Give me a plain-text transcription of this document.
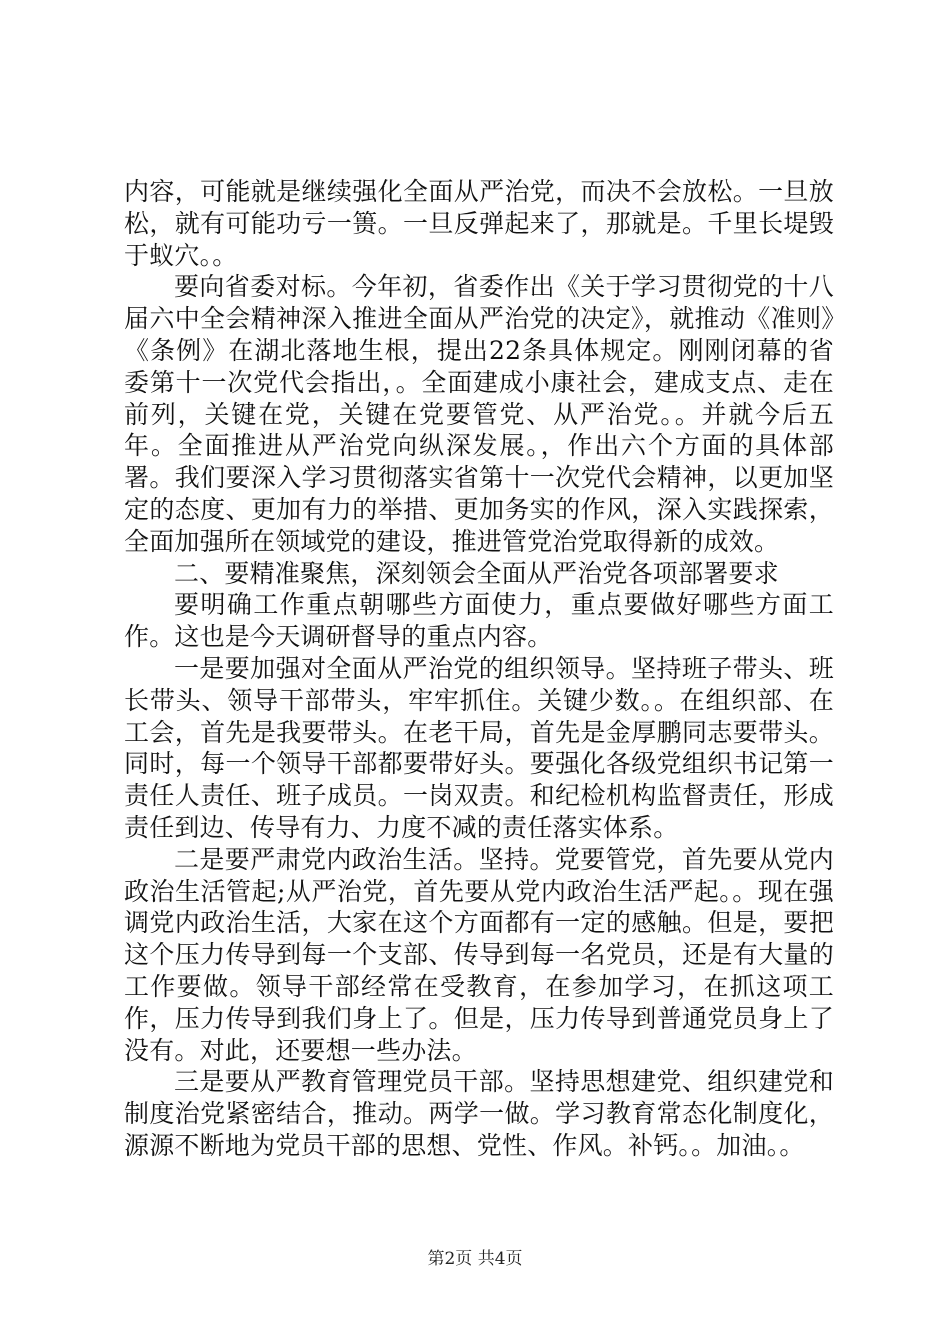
内容，可能就是继续强化全面从严治党，而决不会放松。一旦放松，就有可能功亏一篑。一旦反弹起来了，那就是。千里长堤毁于蚁穴。。

要向省委对标。今年初，省委作出《关于学习贯彻党的十八届六中全会精神深入推进全面从严治党的决定》，就推动《准则》《条例》在湖北落地生根，提出22条具体规定。刚刚闭幕的省委第十一次党代会指出，。全面建成小康社会，建成支点、走在前列，关键在党，关键在党要管党、从严治党。。并就今后五年。全面推进从严治党向纵深发展。，作出六个方面的具体部署。我们要深入学习贯彻落实省第十一次党代会精神，以更加坚定的态度、更加有力的举措、更加务实的作风，深入实践探索，全面加强所在领域党的建设，推进管党治党取得新的成效。

二、要精准聚焦，深刻领会全面从严治党各项部署要求

要明确工作重点朝哪些方面使力，重点要做好哪些方面工作。这也是今天调研督导的重点内容。

一是要加强对全面从严治党的组织领导。坚持班子带头、班长带头、领导干部带头，牢牢抓住。关键少数。。在组织部、在工会，首先是我要带头。在老干局，首先是金厚鹏同志要带头。同时，每一个领导干部都要带好头。要强化各级党组织书记第一责任人责任、班子成员。一岗双责。和纪检机构监督责任，形成责任到边、传导有力、力度不减的责任落实体系。

二是要严肃党内政治生活。坚持。党要管党，首先要从党内政治生活管起;从严治党，首先要从党内政治生活严起。。现在强调党内政治生活，大家在这个方面都有一定的感触。但是，要把这个压力传导到每一个支部、传导到每一名党员，还是有大量的工作要做。领导干部经常在受教育，在参加学习，在抓这项工作，压力传导到我们身上了。但是，压力传导到普通党员身上了没有。对此，还要想一些办法。

三是要从严教育管理党员干部。坚持思想建党、组织建党和制度治党紧密结合，推动。两学一做。学习教育常态化制度化，源源不断地为党员干部的思想、党性、作风。补钙。。加油。。

第2页 共4页
